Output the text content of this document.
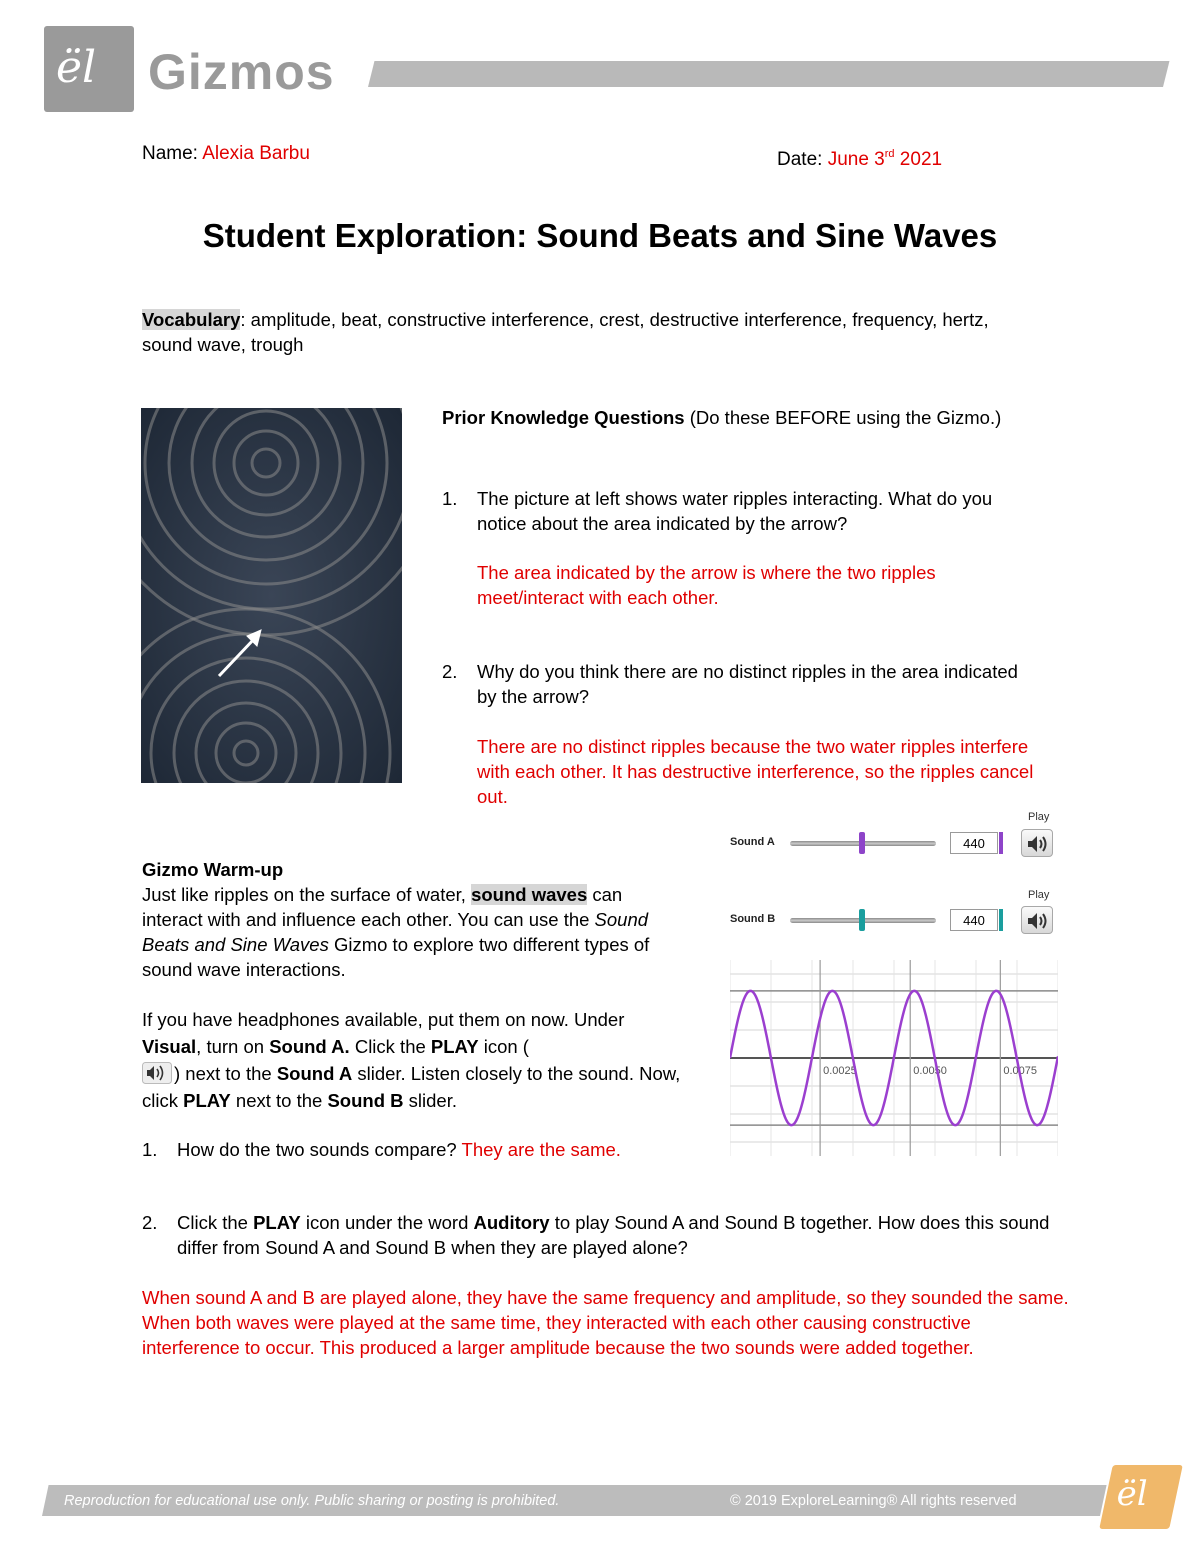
ël Gizmos
Name: Alexia Barbu	Date: June 3rd 2021
Student Exploration: Sound Beats and Sine Waves
Vocabulary: amplitude, beat, constructive interference, crest, destructive interference, frequency, hertz, sound wave, trough
Prior Knowledge Questions (Do these BEFORE using the Gizmo.)
1. The picture at left shows water ripples interacting. What do you notice about the area indicated by the arrow?
The area indicated by the arrow is where the two ripples meet/interact with each other.
2. Why do you think there are no distinct ripples in the area indicated by the arrow?
There are no distinct ripples because the two water ripples interfere with each other. It has destructive interference, so the ripples cancel out.
Play
Sound A	440
Play
Sound B	440
0.0025	0.0050	0.0075
Gizmo Warm-up
Just like ripples on the surface of water, sound waves can interact with and influence each other. You can use the Sound Beats and Sine Waves Gizmo to explore two different types of sound wave interactions.
If you have headphones available, put them on now. Under Visual, turn on Sound A. Click the PLAY icon (
) next to the Sound A slider. Listen closely to the sound. Now, click PLAY next to the Sound B slider.
1. How do the two sounds compare? They are the same.
2. Click the PLAY icon under the word Auditory to play Sound A and Sound B together. How does this sound differ from Sound A and Sound B when they are played alone?
When sound A and B are played alone, they have the same frequency and amplitude, so they sounded the same. When both waves were played at the same time, they interacted with each other causing constructive interference to occur. This produced a larger amplitude because the two sounds were added together.
Reproduction for educational use only. Public sharing or posting is prohibited.	© 2019 ExploreLearning® All rights reserved	ël
